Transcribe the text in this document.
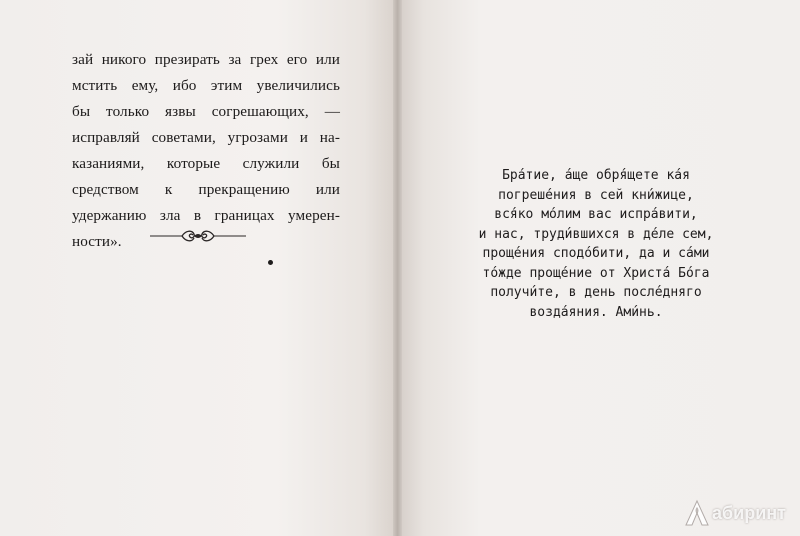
зай никого презирать за грех его или
мстить ему, ибо этим увеличились
бы только язвы согрешающих, —
исправляй советами, угрозами и на-
казаниями, которые служили бы
средством к прекращению или
удержанию зла в границах умерен-
ности».
Бра́тие, а́ще обря́щете ка́я
погреше́ния в сей кни́жице,
вся́ко мо́лим вас испра́вити,
и нас, труди́вшихся в де́ле сем,
проще́ния сподо́бити, да и са́ми
то́жде проще́ние от Христа́ Бо́га
получи́те, в день после́дняго
возда́яния. Ами́нь.
абиринт
